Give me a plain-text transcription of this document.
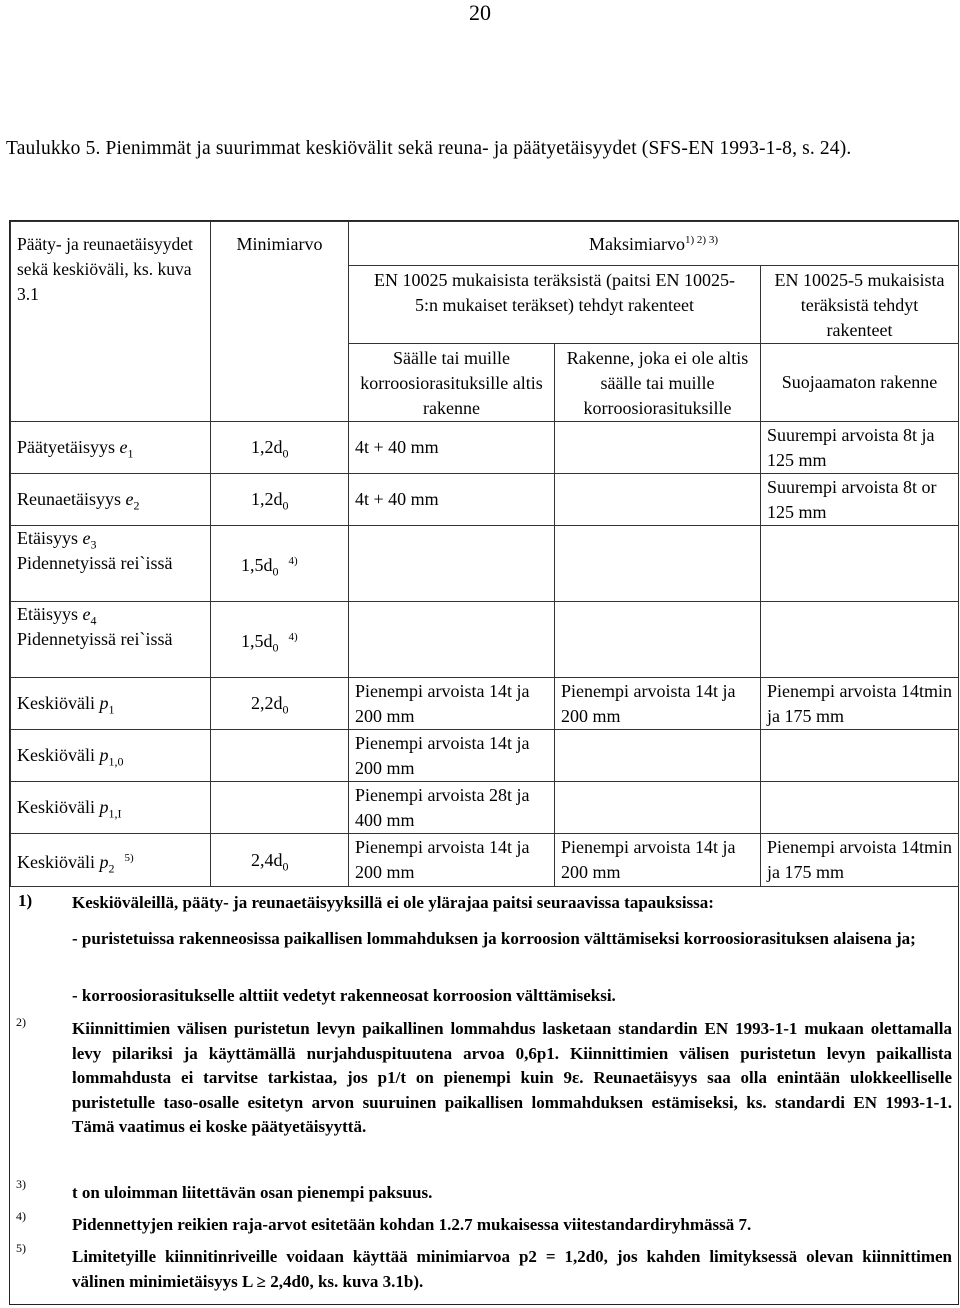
20
Taulukko 5. Pienimmät ja suurimmat keskiövälit sekä reuna- ja päätyetäisyydet (SFS-EN 1993-1-8, s. 24).
Pääty- ja reunaetäisyydet sekä keskiöväli, ks. kuva 3.1	Minimiarvo	Maksimiarvo$^{1) 2) 3)}$
		EN 10025 mukaisista teräksistä (paitsi EN 10025-5:n mukaiset teräkset) tehdyt rakenteet		EN 10025-5 mukaisista teräksistä tehdyt rakenteet
		Säälle tai muille korroosiorasituksille altis rakenne	Rakenne, joka ei ole altis säälle tai muille korroosiorasituksille	Suojaamaton rakenne
Päätyetäisyys $e_1$	$1,2d_0$	4t + 40 mm		Suurempi arvoista 8t ja 125 mm
Reunaetäisyys $e_2$	$1,2d_0$	4t + 40 mm		Suurempi arvoista 8t or 125 mm
Etäisyys $e_3$
Pidennetyissä rei`issä	$1,5d_0^{4)}$			
Etäisyys $e_4$
Pidennetyissä rei`issä	$1,5d_0^{4)}$			
Keskiöväli $p_1$	$2,2d_0$	Pienempi arvoista 14t ja 200 mm	Pienempi arvoista 14t ja 200 mm	Pienempi arvoista 14tmin ja 175 mm
Keskiöväli $p_{1,0}$		Pienempi arvoista 14t ja 200 mm		
Keskiöväli $p_{1,I}$		Pienempi arvoista 28t ja 400 mm		
Keskiöväli $p_2^{5)}$	$2,4d_0$	Pienempi arvoista 14t ja 200 mm	Pienempi arvoista 14t ja 200 mm	Pienempi arvoista 14tmin ja 175 mm
1) Keskiöväleillä, pääty- ja reunaetäisyyksillä ei ole ylärajaa paitsi seuraavissa tapauksissa:
- puristetuissa rakenneosissa paikallisen lommahduksen ja korroosion välttämiseksi korroosiorasituksen alaisena ja;
- korroosiorasitukselle alttiit vedetyt rakenneosat korroosion välttämiseksi.
2)	Kiinnittimien välisen puristetun levyn paikallinen lommahdus lasketaan standardin EN 1993-1-1 mukaan olettamalla levy pilariksi ja käyttämällä nurjahduspituutena arvoa 0,6p1. Kiinnittimien välisen puristetun levyn paikallista lommahdusta ei tarvitse tarkistaa, jos p1/t on pienempi kuin 9ε. Reunaetäisyys saa olla enintään ulokkeelliselle puristetulle taso-osalle esitetyn arvon suuruinen paikallisen lommahduksen estämiseksi, ks. standardi EN 1993-1-1. Tämä vaatimus ei koske päätyetäisyyttä.
3)	t on uloimman liitettävän osan pienempi paksuus.
4)	Pidennettyjen reikien raja-arvot esitetään kohdan 1.2.7 mukaisessa viitestandardiryhmässä 7.
5)	Limitetyille kiinnitinriveille voidaan käyttää minimiarvoa p2 = 1,2d0, jos kahden limityksessä olevan kiinnittimen välinen minimietäisyys L ≥ 2,4d0, ks. kuva 3.1b).
